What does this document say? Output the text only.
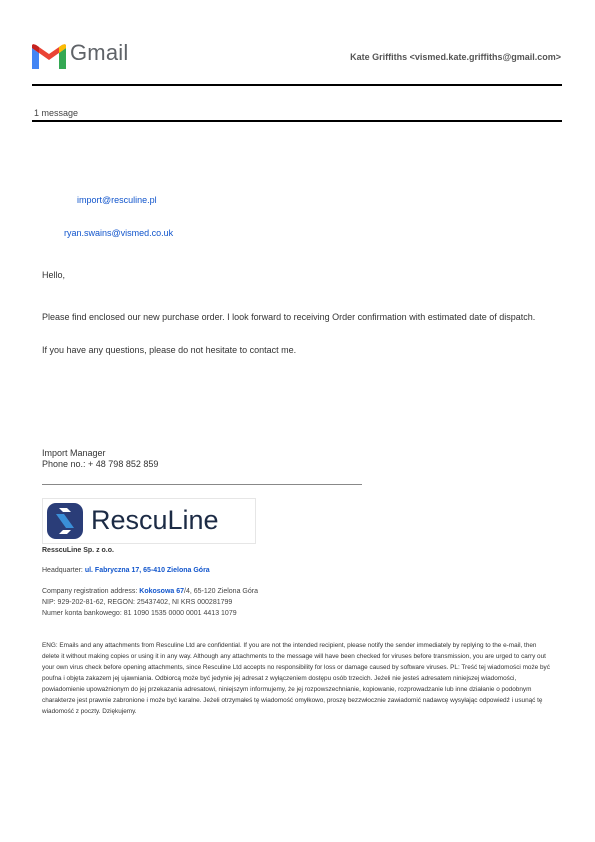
Gmail	Kate Griffiths <vismed.kate.griffiths@gmail.com>
1 message
import@resculine.pl
ryan.swains@vismed.co.uk
Hello,
Please find enclosed our new purchase order. I look forward to receiving Order confirmation with estimated date of dispatch.
If you have any questions, please do not hesitate to contact me.
Import Manager
Phone no.: + 48 798 852 859
RescuLine
ResscuLine Sp. z o.o.
Headquarter: ul. Fabryczna 17, 65-410 Zielona Góra
Company registration address: Kokosowa 67/4, 65-120 Zielona Góra
NIP: 929-202-81-62, REGON: 25437402, NI KRS 000281799
Numer konta bankowego: 81 1090 1535 0000 0001 4413 1079
ENG: Emails and any attachments from Resculine Ltd are confidential. If you are not the intended recipient, please notify the sender immediately by replying to the e-mail, then delete it without making copies or using it in any way. Although any attachments to the message will have been checked for viruses before transmission, you are urged to carry out your own virus check before opening attachments, since Resculine Ltd accepts no responsibility for loss or damage caused by software viruses. PL: Treść tej wiadomości może być poufna i objęta zakazem jej ujawniania. Odbiorcą może być jedynie jej adresat z wyłączeniem dostępu osób trzecich. Jeżeli nie jesteś adresatem niniejszej wiadomości, powiadomienie upoważnionym do jej przekazania adresatowi, niniejszym informujemy, że jej rozpowszechnianie, kopiowanie, rozprowadzanie lub inne działanie o podobnym charakterze jest prawnie zabronione i może być karalne. Jeżeli otrzymałeś tę wiadomość omyłkowo, proszę bezzwłocznie zawiadomić nadawcę wysyłając odpowiedź i usunąć tę wiadomość z poczty. Dziękujemy.
